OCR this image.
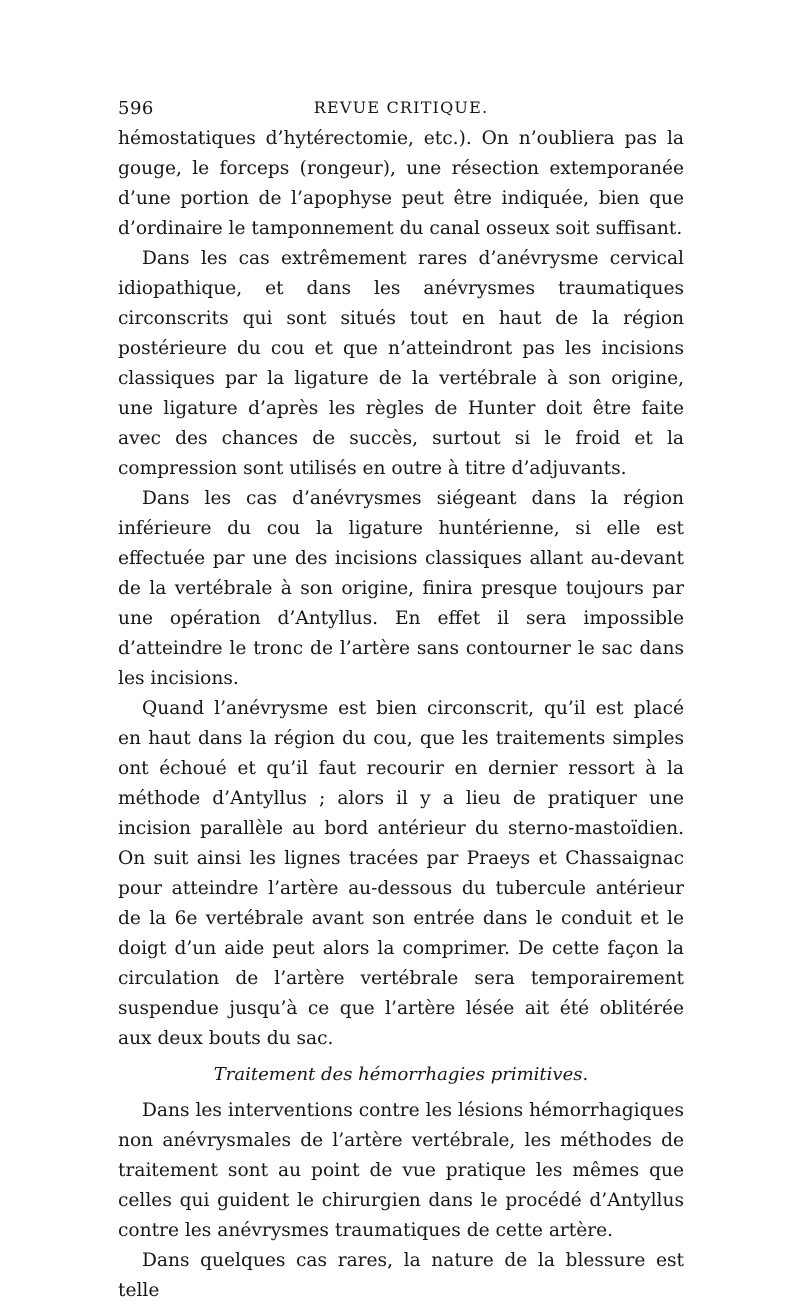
596	REVUE CRITIQUE.

hémostatiques d’hytérectomie, etc.). On n’oubliera pas la gouge, le forceps (rongeur), une résection extemporanée d’une portion de l’apophyse peut être indiquée, bien que d’ordinaire le tamponnement du canal osseux soit suffisant.

Dans les cas extrêmement rares d’anévrysme cervical idiopathique, et dans les anévrysmes traumatiques circonscrits qui sont situés tout en haut de la région postérieure du cou et que n’atteindront pas les incisions classiques par la ligature de la vertébrale à son origine, une ligature d’après les règles de Hunter doit être faite avec des chances de succès, surtout si le froid et la compression sont utilisés en outre à titre d’adjuvants.

Dans les cas d’anévrysmes siégeant dans la région inférieure du cou la ligature huntérienne, si elle est effectuée par une des incisions classiques allant au-devant de la vertébrale à son origine, finira presque toujours par une opération d’Antyllus. En effet il sera impossible d’atteindre le tronc de l’artère sans contourner le sac dans les incisions.

Quand l’anévrysme est bien circonscrit, qu’il est placé en haut dans la région du cou, que les traitements simples ont échoué et qu’il faut recourir en dernier ressort à la méthode d’Antyllus ; alors il y a lieu de pratiquer une incision parallèle au bord antérieur du sterno-mastoïdien. On suit ainsi les lignes tracées par Praeys et Chassaignac pour atteindre l’artère au-dessous du tubercule antérieur de la 6e vertébrale avant son entrée dans le conduit et le doigt d’un aide peut alors la comprimer. De cette façon la circulation de l’artère vertébrale sera temporairement suspendue jusqu’à ce que l’artère lésée ait été oblitérée aux deux bouts du sac.

Traitement des hémorrhagies primitives.

Dans les interventions contre les lésions hémorrhagiques non anévrysmales de l’artère vertébrale, les méthodes de traitement sont au point de vue pratique les mêmes que celles qui guident le chirurgien dans le procédé d’Antyllus contre les anévrysmes traumatiques de cette artère.

Dans quelques cas rares, la nature de la blessure est telle
